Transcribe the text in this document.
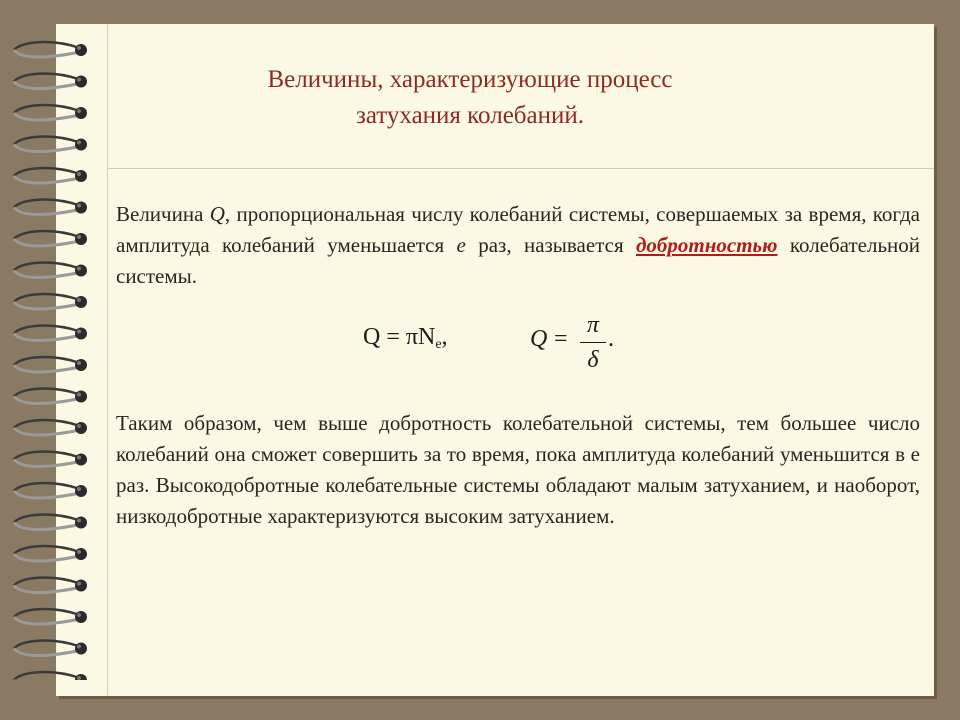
Величины, характеризующие процесс
затухания колебаний.
Величина Q, пропорциональная числу колебаний системы, совершаемых за время, когда амплитуда колебаний уменьшается e раз, называется добротностью колебательной системы.
$Q = \pi N_e$,	Q =
π
δ
.
Таким образом, чем выше добротность колебательной системы, тем большее число колебаний она сможет совершить за то время, пока амплитуда колебаний уменьшится в е раз. Высокодобротные колебательные системы обладают малым затуханием, и наоборот, низкодобротные характеризуются высоким затуханием.
